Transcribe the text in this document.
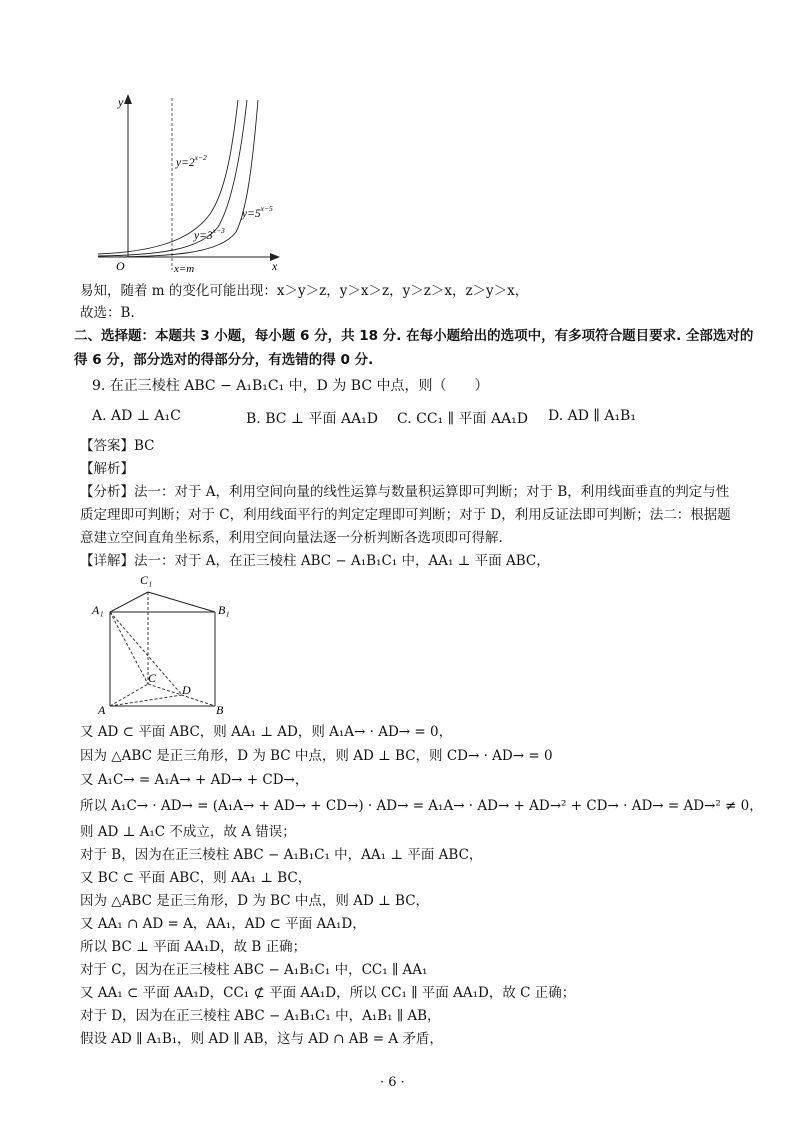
y
x
O	x=m
$y=2^{x-2}$
$y=3^{x-3}$
$y=5^{x-5}$
易知，随着 m 的变化可能出现：x＞y＞z，y＞x＞z，y＞z＞x，z＞y＞x，
故选：B.
二、选择题：本题共 3 小题，每小题 6 分，共 18 分. 在每小题给出的选项中，有多项符合题目要求. 全部选对的
得 6 分，部分选对的得部分分，有选错的得 0 分.
9. 在正三棱柱 ABC − A₁B₁C₁ 中，D 为 BC 中点，则（　　）
A. AD ⊥ A₁C	B. BC ⊥ 平面 AA₁D C. CC₁ ∥ 平面 AA₁D D. AD ∥ A₁B₁
【答案】BC
【解析】
【分析】法一：对于 A，利用空间向量的线性运算与数量积运算即可判断；对于 B，利用线面垂直的判定与性
质定理即可判断；对于 C，利用线面平行的判定定理即可判断；对于 D，利用反证法即可判断；法二：根据题
意建立空间直角坐标系，利用空间向量法逐一分析判断各选项即可得解.
【详解】法一：对于 A，在正三棱柱 ABC − A₁B₁C₁ 中，AA₁ ⊥ 平面 ABC，
C₁
A₁	B₁
C
D
A	B
又 AD ⊂ 平面 ABC，则 AA₁ ⊥ AD，则 A₁A→ · AD→ = 0，
因为 △ABC 是正三角形，D 为 BC 中点，则 AD ⊥ BC，则 CD→ · AD→ = 0
又 A₁C→ = A₁A→ + AD→ + CD→，
所以 A₁C→ · AD→ = (A₁A→ + AD→ + CD→) · AD→ = A₁A→ · AD→ + AD→² + CD→ · AD→ = AD→² ≠ 0，
则 AD ⊥ A₁C 不成立，故 A 错误；
对于 B，因为在正三棱柱 ABC − A₁B₁C₁ 中，AA₁ ⊥ 平面 ABC，
又 BC ⊂ 平面 ABC，则 AA₁ ⊥ BC，
因为 △ABC 是正三角形，D 为 BC 中点，则 AD ⊥ BC，
又 AA₁ ∩ AD = A，AA₁，AD ⊂ 平面 AA₁D，
所以 BC ⊥ 平面 AA₁D，故 B 正确；
对于 C，因为在正三棱柱 ABC − A₁B₁C₁ 中，CC₁ ∥ AA₁
又 AA₁ ⊂ 平面 AA₁D，CC₁ ⊄ 平面 AA₁D，所以 CC₁ ∥ 平面 AA₁D，故 C 正确；
对于 D，因为在正三棱柱 ABC − A₁B₁C₁ 中，A₁B₁ ∥ AB，
假设 AD ∥ A₁B₁，则 AD ∥ AB，这与 AD ∩ AB = A 矛盾，
· 6 ·
